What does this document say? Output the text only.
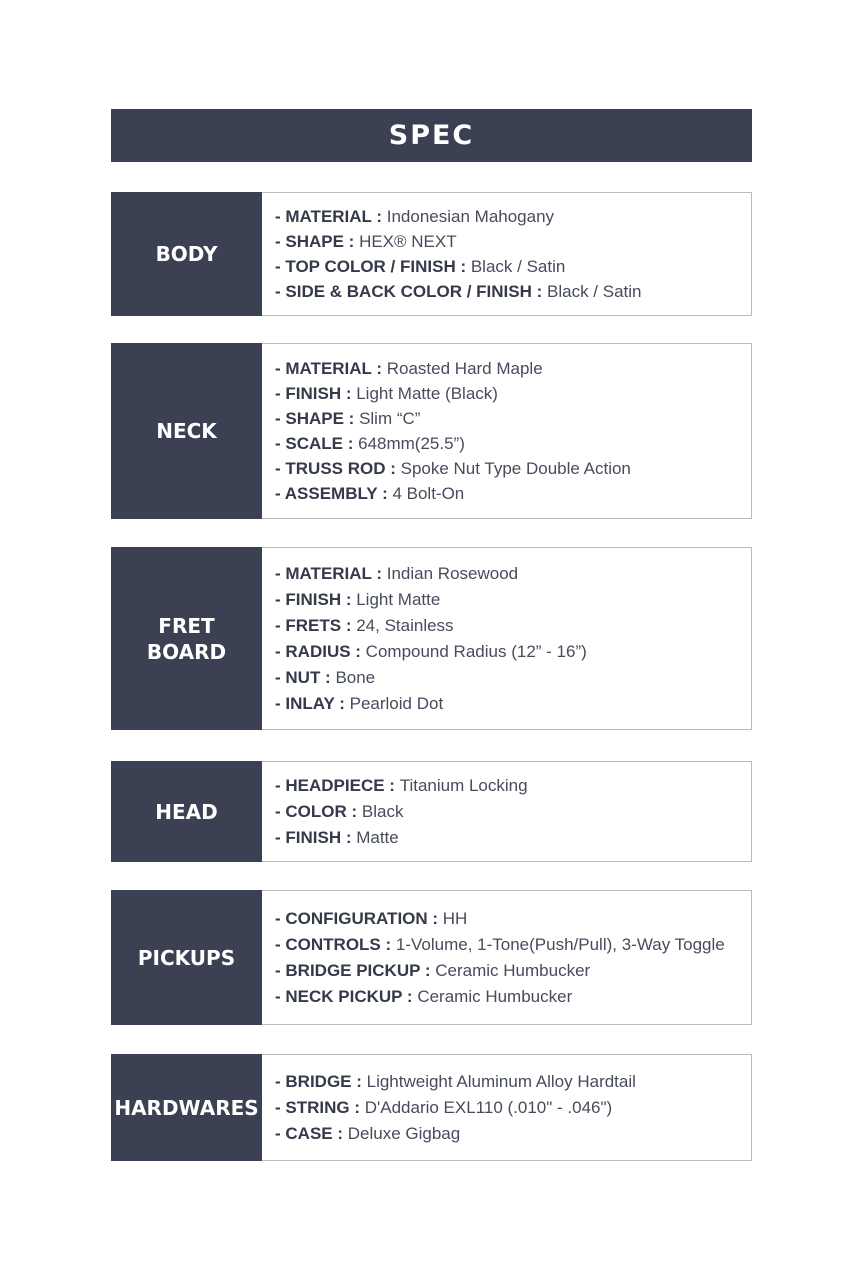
SPEC
BODY
- MATERIAL : Indonesian Mahogany
- SHAPE : HEX® NEXT
- TOP COLOR / FINISH : Black / Satin
- SIDE & BACK COLOR / FINISH : Black / Satin
NECK
- MATERIAL : Roasted Hard Maple
- FINISH : Light Matte (Black)
- SHAPE : Slim “C”
- SCALE : 648mm(25.5”)
- TRUSS ROD : Spoke Nut Type Double Action
- ASSEMBLY : 4 Bolt-On
FRET
BOARD
- MATERIAL : Indian Rosewood
- FINISH : Light Matte
- FRETS : 24, Stainless
- RADIUS : Compound Radius (12” - 16”)
- NUT : Bone
- INLAY : Pearloid Dot
HEAD
- HEADPIECE : Titanium Locking
- COLOR : Black
- FINISH : Matte
PICKUPS
- CONFIGURATION : HH
- CONTROLS : 1-Volume, 1-Tone(Push/Pull), 3-Way Toggle
- BRIDGE PICKUP : Ceramic Humbucker
- NECK PICKUP : Ceramic Humbucker
HARDWARES
- BRIDGE : Lightweight Aluminum Alloy Hardtail
- STRING : D'Addario EXL110 (.010" - .046")
- CASE : Deluxe Gigbag
